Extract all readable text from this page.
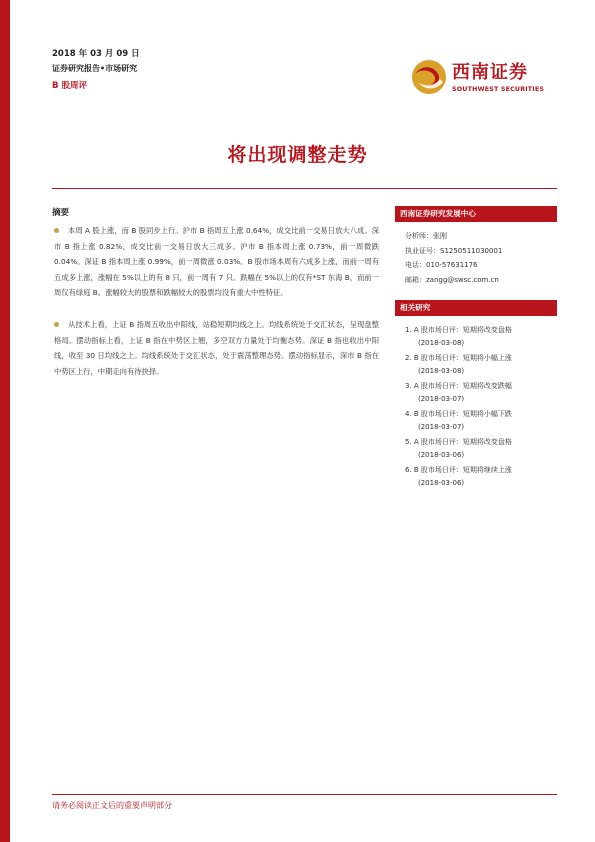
2018 年 03 月 09 日
证券研究报告•市场研究
B 股周评
西南证券
SOUTHWEST SECURITIES
将出现调整走势
摘要
本周 A 股上涨，而 B 股同步上行。沪市 B 指周五上涨 0.64%，成交比前一交易日放大八成。深市 B 指上涨 0.82%，成交比前一交易日放大三成多。沪市 B 指本周上涨 0.73%，前一周微跌 0.04%。深证 B 指本周上涨 0.99%，前一周微涨 0.03%。B 股市场本周有六成多上涨，而前一周有五成多上涨，涨幅在 5%以上的有 8 只，前一周有 7 只。跌幅在 5%以上的仅有*ST 东海 B，而前一周仅有绿庭 B。涨幅较大的股票和跌幅较大的股票均没有重大中性特征。
从技术上看，上证 B 指周五收出中阳线，站稳短期均线之上。均线系统处于交汇状态，呈现盘整格局。摆动指标上看，上证 B 指在中势区上翘，多空双方力量处于均衡态势。深证 B 指也收出中阳线，收至 30 日均线之上。均线系统处于交汇状态，处于震荡整理态势。摆动指标显示，深市 B 指在中势区上行，中期走向有待抉择。
西南证券研究发展中心
分析师：张刚
执业证号：S1250511030001
电话：010-57631176
邮箱：zangg@swsc.com.cn
相关研究
1. A 股市场日评：短期将改变盘格
(2018-03-08)
2. B 股市场日评：短期将小幅上涨
(2018-03-08)
3. A 股市场日评：短期将改变跌幅
(2018-03-07)
4. B 股市场日评：短期将小幅下跌
(2018-03-07)
5. A 股市场日评：短期将改变盘格
(2018-03-06)
6. B 股市场日评：短期将继续上涨
(2018-03-06)
请务必阅读正文后的重要声明部分
